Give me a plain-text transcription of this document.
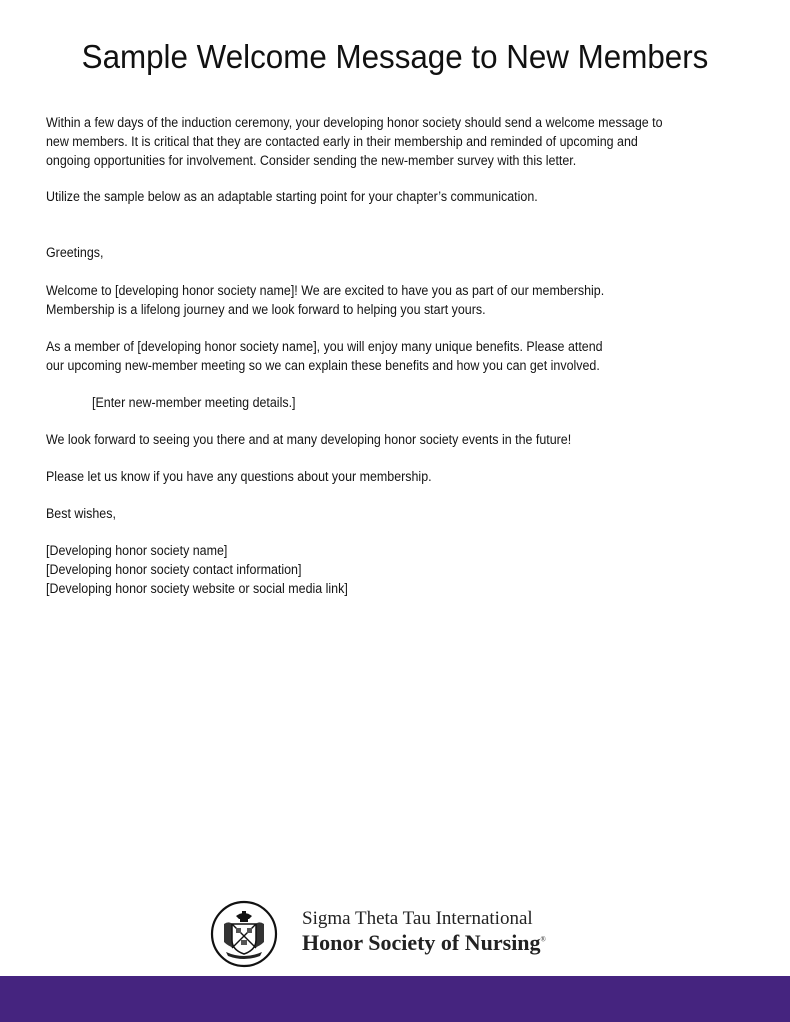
Sample Welcome Message to New Members
Within a few days of the induction ceremony, your developing honor society should send a welcome message to
new members. It is critical that they are contacted early in their membership and reminded of upcoming and
ongoing opportunities for involvement. Consider sending the new-member survey with this letter.
Utilize the sample below as an adaptable starting point for your chapter’s communication.
Greetings,
Welcome to [developing honor society name]! We are excited to have you as part of our membership.
Membership is a lifelong journey and we look forward to helping you start yours.
As a member of [developing honor society name], you will enjoy many unique benefits. Please attend
our upcoming new-member meeting so we can explain these benefits and how you can get involved.
[Enter new-member meeting details.]
We look forward to seeing you there and at many developing honor society events in the future!
Please let us know if you have any questions about your membership.
Best wishes,
[Developing honor society name]
[Developing honor society contact information]
[Developing honor society website or social media link]
Sigma Theta Tau International
Honor Society of Nursing®
